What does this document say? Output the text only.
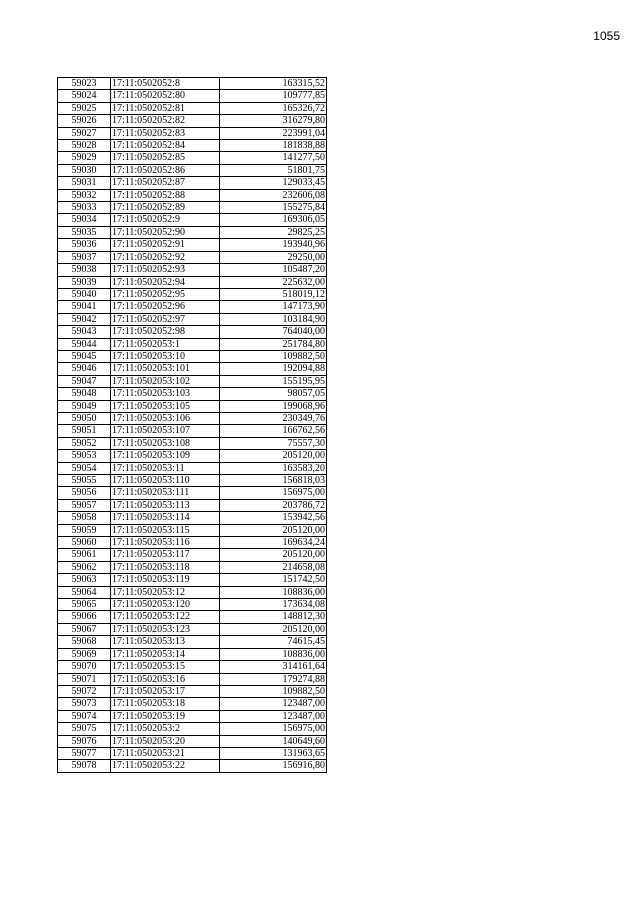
1055
59023	17:11:0502052:8	163315,52
59024	17:11:0502052:80	109777,85
59025	17:11:0502052:81	165326,72
59026	17:11:0502052:82	316279,80
59027	17:11:0502052:83	223991,04
59028	17:11:0502052:84	181838,88
59029	17:11:0502052:85	141277,50
59030	17:11:0502052:86	51801,75
59031	17:11:0502052:87	129033,45
59032	17:11:0502052:88	232606,08
59033	17:11:0502052:89	155275,84
59034	17:11:0502052:9	169306,05
59035	17:11:0502052:90	29825,25
59036	17:11:0502052:91	193940,96
59037	17:11:0502052:92	29250,00
59038	17:11:0502052:93	105487,20
59039	17:11:0502052:94	225632,00
59040	17:11:0502052:95	518019,12
59041	17:11:0502052:96	147173,90
59042	17:11:0502052:97	103184,90
59043	17:11:0502052:98	764040,00
59044	17:11:0502053:1	251784,80
59045	17:11:0502053:10	109882,50
59046	17:11:0502053:101	192094,88
59047	17:11:0502053:102	155195,95
59048	17:11:0502053:103	98057,05
59049	17:11:0502053:105	199068,96
59050	17:11:0502053:106	230349,76
59051	17:11:0502053:107	166762,56
59052	17:11:0502053:108	75557,30
59053	17:11:0502053:109	205120,00
59054	17:11:0502053:11	163583,20
59055	17:11:0502053:110	156818,03
59056	17:11:0502053:111	156975,00
59057	17:11:0502053:113	203786,72
59058	17:11:0502053:114	153942,56
59059	17:11:0502053:115	205120,00
59060	17:11:0502053:116	169634,24
59061	17:11:0502053:117	205120,00
59062	17:11:0502053:118	214658,08
59063	17:11:0502053:119	151742,50
59064	17:11:0502053:12	108836,00
59065	17:11:0502053:120	173634,08
59066	17:11:0502053:122	148812,30
59067	17:11:0502053:123	205120,00
59068	17:11:0502053:13	74615,45
59069	17:11:0502053:14	108836,00
59070	17:11:0502053:15	314161,64
59071	17:11:0502053:16	179274,88
59072	17:11:0502053:17	109882,50
59073	17:11:0502053:18	123487,00
59074	17:11:0502053:19	123487,00
59075	17:11:0502053:2	156975,00
59076	17:11:0502053:20	140649,60
59077	17:11:0502053:21	131963,65
59078	17:11:0502053:22	156916,80
